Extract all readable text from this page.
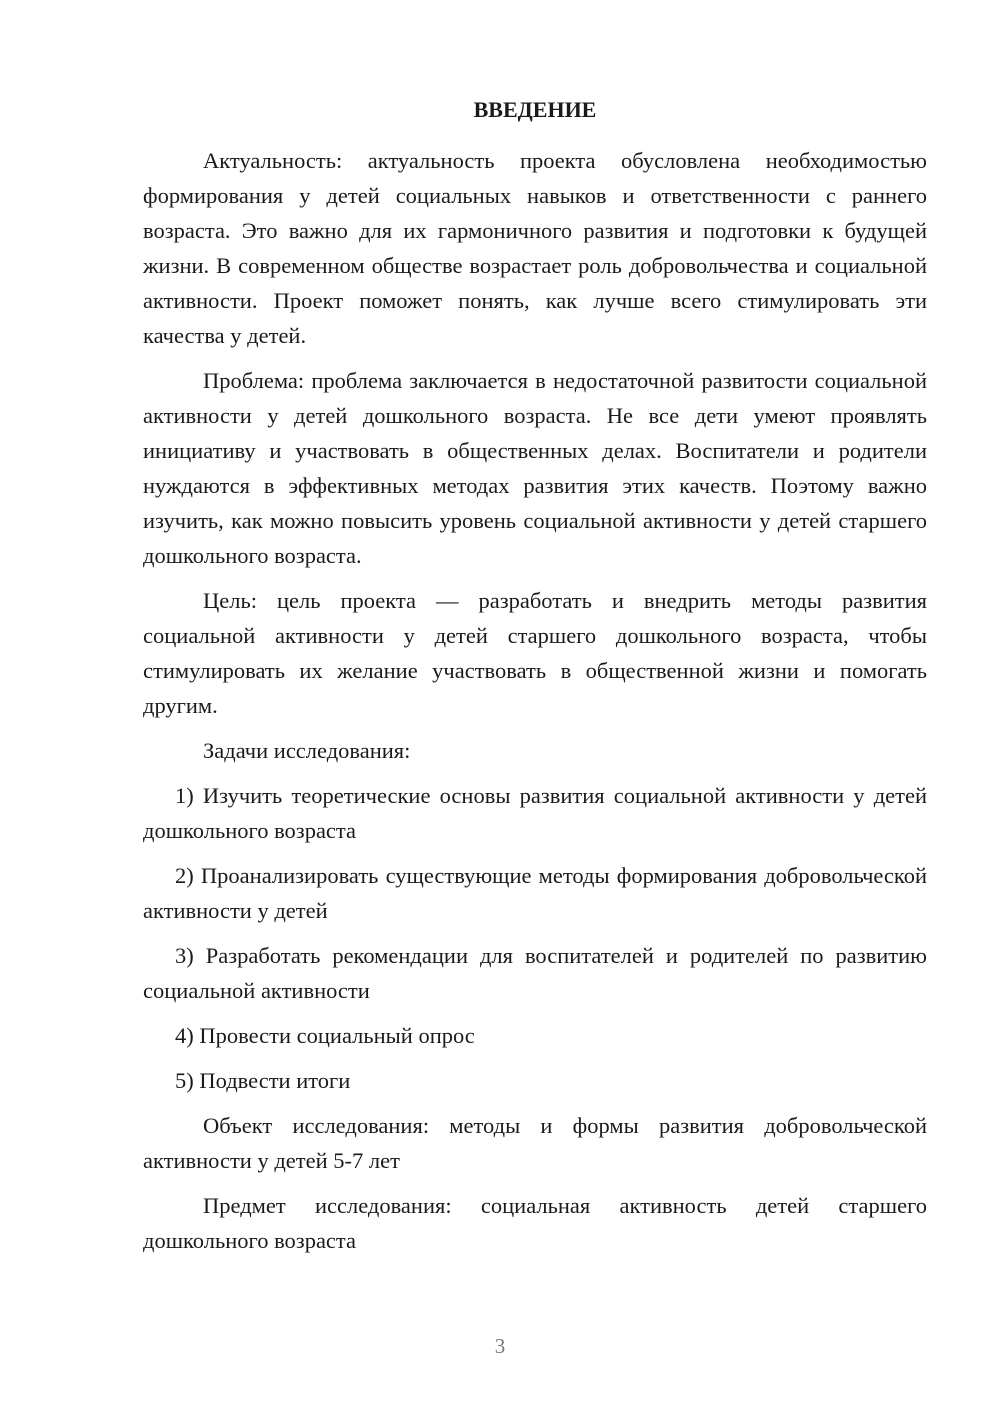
ВВЕДЕНИЕ

Актуальность: актуальность проекта обусловлена необходимостью формирования у детей социальных навыков и ответственности с раннего возраста. Это важно для их гармоничного развития и подготовки к будущей жизни. В современном обществе возрастает роль добровольчества и социальной активности. Проект поможет понять, как лучше всего стимулировать эти качества у детей.

Проблема: проблема заключается в недостаточной развитости социальной активности у детей дошкольного возраста. Не все дети умеют проявлять инициативу и участвовать в общественных делах. Воспитатели и родители нуждаются в эффективных методах развития этих качеств. Поэтому важно изучить, как можно повысить уровень социальной активности у детей старшего дошкольного возраста.

Цель: цель проекта — разработать и внедрить методы развития социальной активности у детей старшего дошкольного возраста, чтобы стимулировать их желание участвовать в общественной жизни и помогать другим.

Задачи исследования:

1) Изучить теоретические основы развития социальной активности у детей дошкольного возраста

2) Проанализировать существующие методы формирования добровольческой активности у детей

3) Разработать рекомендации для воспитателей и родителей по развитию социальной активности

4) Провести социальный опрос

5) Подвести итоги

Объект исследования: методы и формы развития добровольческой активности у детей 5-7 лет

Предмет исследования: социальная активность детей старшего дошкольного возраста

3
